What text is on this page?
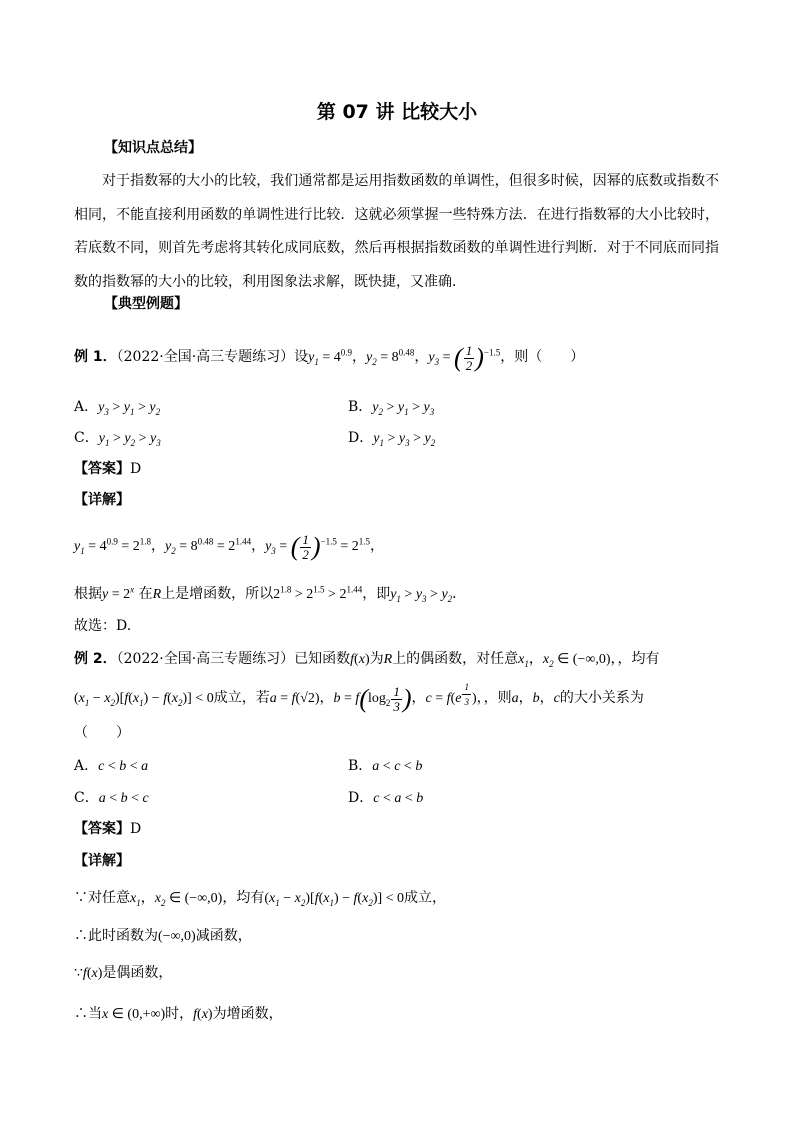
第 07 讲 比较大小
【知识点总结】
对于指数幂的大小的比较，我们通常都是运用指数函数的单调性，但很多时候，因幂的底数或指数不相同，不能直接利用函数的单调性进行比较．这就必须掌握一些特殊方法．在进行指数幂的大小比较时，若底数不同，则首先考虑将其转化成同底数，然后再根据指数函数的单调性进行判断．对于不同底而同指数的指数幂的大小的比较，利用图象法求解，既快捷，又准确．
【典型例题】
例 1．（2022·全国·高三专题练习）设$y_1 = 4^{0.9}$，$y_2 = 8^{0.48}$，$y_3$ = ( $\frac{1}{2} )^{-1.5}$，则（　　）
A．$y_3 > y_1 > y_2$	B．$y_2 > y_1 > y_3$
C．$y_1 > y_2 > y_3$	D．$y_1 > y_3 > y_2$
【答案】D
【详解】
$y_1 = 4^{0.9} = 2^{1.8}$，$y_2 = 8^{0.48} = 2^{1.44}$，$y_3$ = ( $\frac{1}{2} )^{-1.5} = 2^{1.5}$，
根据$y = 2^x$ 在R上是增函数，所以$2^{1.8} > 2^{1.5} > 2^{1.44}$，即$y_1 > y_3 > y_2$．
故选：D.
例 2．（2022·全国·高三专题练习）已知函数f(x)为R上的偶函数，对任意$x_1$，$x_2$ ∈ (−∞,0)，，均有
$(x_1 - x_2)[f(x_1) - f(x_2)] < 0$成立，若a = f(√2)，$b = f(\log_2 \frac{1}{3}$ )，c = f(e $^{\frac{1}{3}}$ )，，则a，b，c的大小关系为
（　　）
A．c < b < a	B．a < c < b
C．a < b < c	D．c < a < b
【答案】D
【详解】
∵对任意$x_1$，$x_2$ ∈ (−∞,0)，均有$(x_1 - x_2)[f(x_1) - f(x_2)] < 0$成立，
∴此时函数为(−∞,0)减函数，
∵f(x)是偶函数，
∴当x ∈ (0,+∞)时，f(x)为增函数，
